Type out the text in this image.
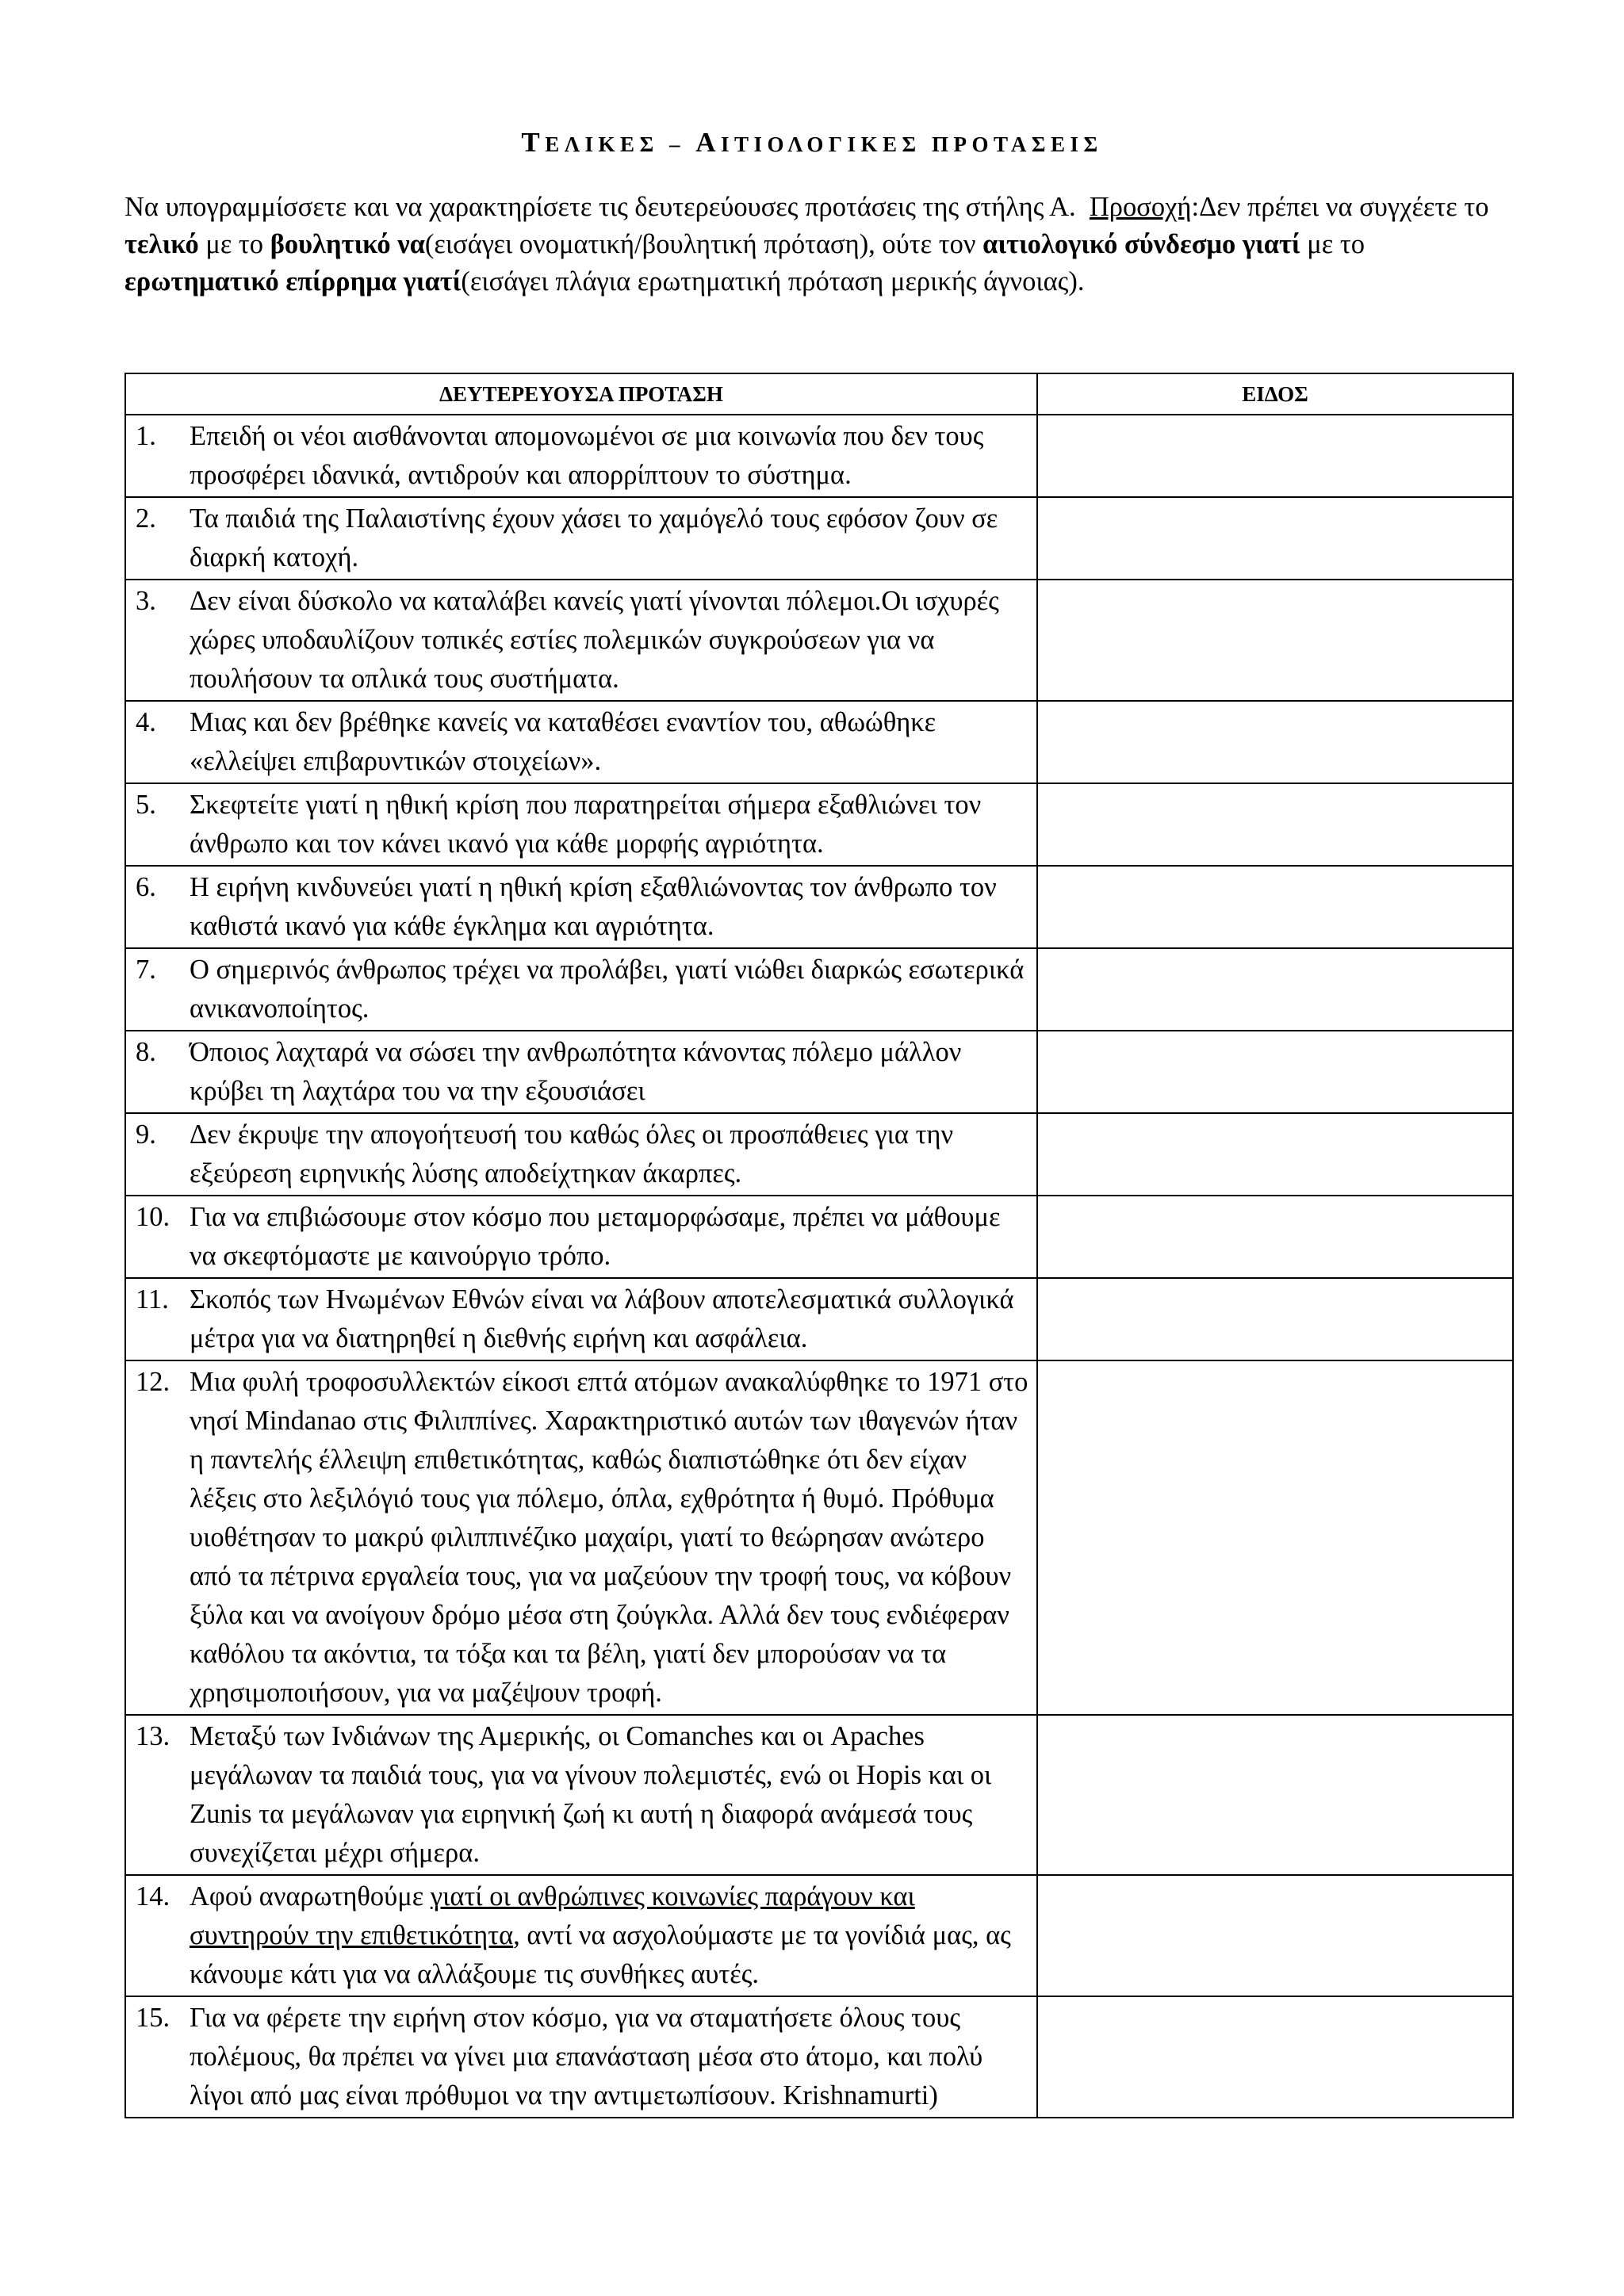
ΤΕΛΙΚΕΣ – ΑΙΤΙΟΛΟΓΙΚΕΣ ΠΡΟΤΑΣΕΙΣ

Να υπογραμμίσσετε και να χαρακτηρίσετε τις δευτερεύουσες προτάσεις της στήλης Α. Προσοχή:Δεν πρέπει να συγχέετε το τελικό με το βουλητικό να(εισάγει ονοματική/βουλητική πρόταση), ούτε τον αιτιολογικό σύνδεσμο γιατί με το ερωτηματικό επίρρημα γιατί(εισάγει πλάγια ερωτηματική πρόταση μερικής άγνοιας).

ΔΕΥΤΕΡΕΥΟΥΣΑ ΠΡΟΤΑΣΗ	ΕΙΔΟΣ

1. Επειδή οι νέοι αισθάνονται απομονωμένοι σε μια κοινωνία που δεν τους προσφέρει ιδανικά, αντιδρούν και απορρίπτουν το σύστημα.	

2. Τα παιδιά της Παλαιστίνης έχουν χάσει το χαμόγελό τους εφόσον ζουν σε διαρκή κατοχή.	

3. Δεν είναι δύσκολο να καταλάβει κανείς γιατί γίνονται πόλεμοι.Οι ισχυρές χώρες υποδαυλίζουν τοπικές εστίες πολεμικών συγκρούσεων για να πουλήσουν τα οπλικά τους συστήματα.	

4. Μιας και δεν βρέθηκε κανείς να καταθέσει εναντίον του, αθωώθηκε «ελλείψει επιβαρυντικών στοιχείων».	

5. Σκεφτείτε γιατί η ηθική κρίση που παρατηρείται σήμερα εξαθλιώνει τον άνθρωπο και τον κάνει ικανό για κάθε μορφής αγριότητα.	

6. Η ειρήνη κινδυνεύει γιατί η ηθική κρίση εξαθλιώνοντας τον άνθρωπο τον καθιστά ικανό για κάθε έγκλημα και αγριότητα.	

7. Ο σημερινός άνθρωπος τρέχει να προλάβει, γιατί νιώθει διαρκώς εσωτερικά ανικανοποίητος.	

8. Όποιος λαχταρά να σώσει την ανθρωπότητα κάνοντας πόλεμο μάλλον κρύβει τη λαχτάρα του να την εξουσιάσει	

9. Δεν έκρυψε την απογοήτευσή του καθώς όλες οι προσπάθειες για την εξεύρεση ειρηνικής λύσης αποδείχτηκαν άκαρπες.	

10. Για να επιβιώσουμε στον κόσμο που μεταμορφώσαμε, πρέπει να μάθουμε να σκεφτόμαστε με καινούργιο τρόπο.	

11. Σκοπός των Ηνωμένων Εθνών είναι να λάβουν αποτελεσματικά συλλογικά μέτρα για να διατηρηθεί η διεθνής ειρήνη και ασφάλεια.	

12. Μια φυλή τροφοσυλλεκτών είκοσι επτά ατόμων ανακαλύφθηκε το 1971 στο νησί Mindanao στις Φιλιππίνες. Χαρακτηριστικό αυτών των ιθαγενών ήταν η παντελής έλλειψη επιθετικότητας, καθώς διαπιστώθηκε ότι δεν είχαν λέξεις στο λεξιλόγιό τους για πόλεμο, όπλα, εχθρότητα ή θυμό. Πρόθυμα υιοθέτησαν το μακρύ φιλιππινέζικο μαχαίρι, γιατί το θεώρησαν ανώτερο από τα πέτρινα εργαλεία τους, για να μαζεύουν την τροφή τους, να κόβουν ξύλα και να ανοίγουν δρόμο μέσα στη ζούγκλα. Αλλά δεν τους ενδιέφεραν καθόλου τα ακόντια, τα τόξα και τα βέλη, γιατί δεν μπορούσαν να τα χρησιμοποιήσουν, για να μαζέψουν τροφή.	

13. Μεταξύ των Ινδιάνων της Αμερικής, οι Comanches και οι Apaches μεγάλωναν τα παιδιά τους, για να γίνουν πολεμιστές, ενώ οι Hopis και οι Zunis τα μεγάλωναν για ειρηνική ζωή κι αυτή η διαφορά ανάμεσά τους συνεχίζεται μέχρι σήμερα.	

14. Αφού αναρωτηθούμε γιατί οι ανθρώπινες κοινωνίες παράγουν και συντηρούν την επιθετικότητα, αντί να ασχολούμαστε με τα γονίδιά μας, ας κάνουμε κάτι για να αλλάξουμε τις συνθήκες αυτές.	

15. Για να φέρετε την ειρήνη στον κόσμο, για να σταματήσετε όλους τους πολέμους, θα πρέπει να γίνει μια επανάσταση μέσα στο άτομο, και πολύ λίγοι από μας είναι πρόθυμοι να την αντιμετωπίσουν. Krishnamurti)	
